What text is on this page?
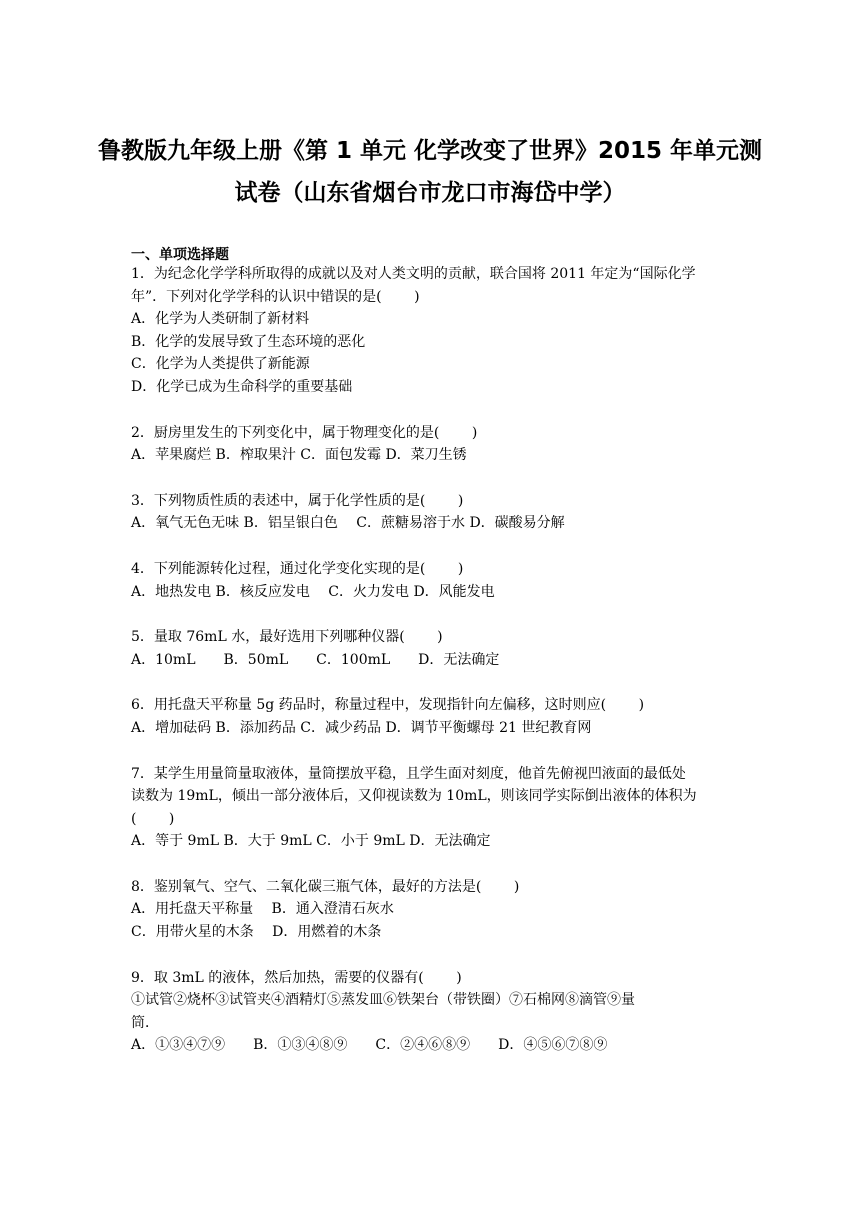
鲁教版九年级上册《第 1 单元 化学改变了世界》2015 年单元测
试卷（山东省烟台市龙口市海岱中学）
一、单项选择题
1．为纪念化学学科所取得的成就以及对人类文明的贡献，联合国将 2011 年定为“国际化学
年”．下列对化学学科的认识中错误的是(　　 )
A．化学为人类研制了新材料
B．化学的发展导致了生态环境的恶化
C．化学为人类提供了新能源
D．化学已成为生命科学的重要基础
2．厨房里发生的下列变化中，属于物理变化的是(　　 )
A．苹果腐烂 B．榨取果汁 C．面包发霉 D．菜刀生锈
3．下列物质性质的表述中，属于化学性质的是(　　 )
A．氧气无色无味 B．铝呈银白色　 C．蔗糖易溶于水 D．碳酸易分解
4．下列能源转化过程，通过化学变化实现的是(　　 )
A．地热发电 B．核反应发电　 C．火力发电 D．风能发电
5．量取 76mL 水，最好选用下列哪种仪器(　　 )
A．10mL　　B．50mL　　C．100mL　　D．无法确定
6．用托盘天平称量 5g 药品时，称量过程中，发现指针向左偏移，这时则应(　　 )
A．增加砝码 B．添加药品 C．减少药品 D．调节平衡螺母 21 世纪教育网
7．某学生用量筒量取液体，量筒摆放平稳，且学生面对刻度，他首先俯视凹液面的最低处
读数为 19mL，倾出一部分液体后，又仰视读数为 10mL，则该同学实际倒出液体的体积为
(　　 )
A．等于 9mL B．大于 9mL C．小于 9mL D．无法确定
8．鉴别氧气、空气、二氧化碳三瓶气体，最好的方法是(　　 )
A．用托盘天平称量　 B．通入澄清石灰水
C．用带火星的木条　 D．用燃着的木条
9．取 3mL 的液体，然后加热，需要的仪器有(　　 )
①试管②烧杯③试管夹④酒精灯⑤蒸发皿⑥铁架台（带铁圈）⑦石棉网⑧滴管⑨量
筒．
A．①③④⑦⑨　　B．①③④⑧⑨　　C．②④⑥⑧⑨　　D．④⑤⑥⑦⑧⑨
